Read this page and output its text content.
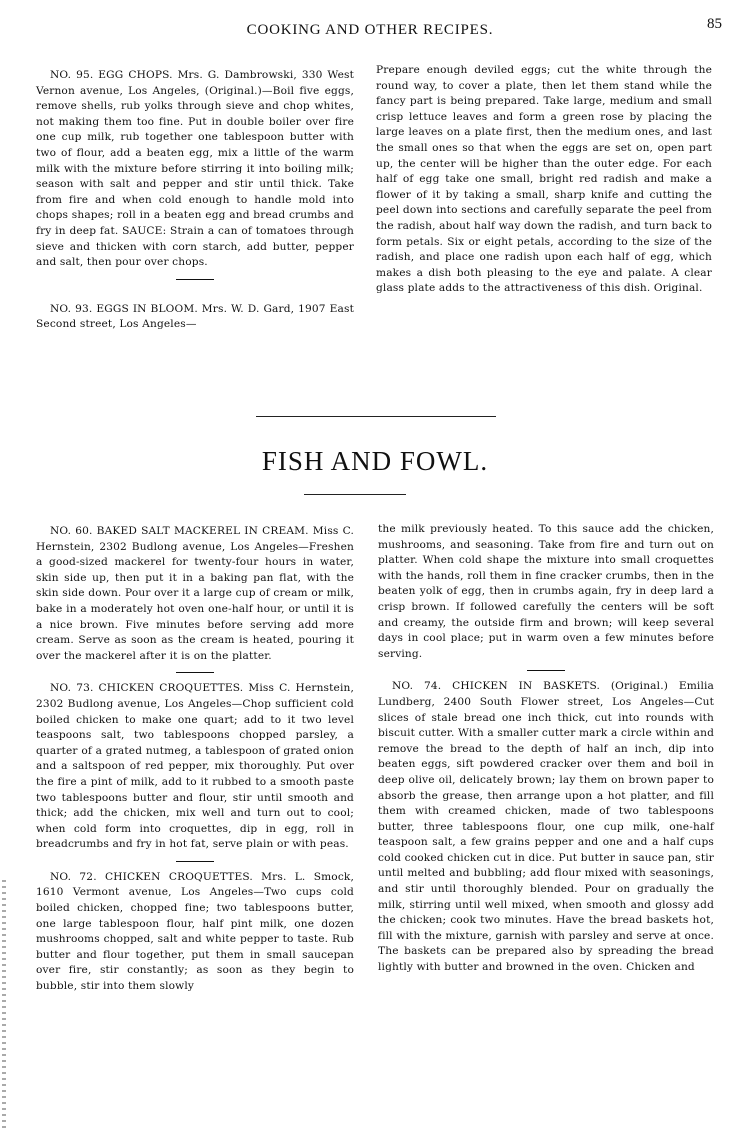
COOKING AND OTHER RECIPES.	85

NO. 95. EGG CHOPS. Mrs. G. Dambrowski, 330 West Vernon avenue, Los Angeles, (Original.)—Boil five eggs, remove shells, rub yolks through sieve and chop whites, not making them too fine. Put in double boiler over fire one cup milk, rub together one tablespoon butter with two of flour, add a beaten egg, mix a little of the warm milk with the mixture before stirring it into boiling milk; season with salt and pepper and stir until thick. Take from fire and when cold enough to handle mold into chops shapes; roll in a beaten egg and bread crumbs and fry in deep fat. SAUCE: Strain a can of tomatoes through sieve and thicken with corn starch, add butter, pepper and salt, then pour over chops.

NO. 93. EGGS IN BLOOM. Mrs. W. D. Gard, 1907 East Second street, Los Angeles—

Prepare enough deviled eggs; cut the white through the round way, to cover a plate, then let them stand while the fancy part is being prepared. Take large, medium and small crisp lettuce leaves and form a green rose by placing the large leaves on a plate first, then the medium ones, and last the small ones so that when the eggs are set on, open part up, the center will be higher than the outer edge. For each half of egg take one small, bright red radish and make a flower of it by taking a small, sharp knife and cutting the peel down into sections and carefully separate the peel from the radish, about half way down the radish, and turn back to form petals. Six or eight petals, according to the size of the radish, and place one radish upon each half of egg, which makes a dish both pleasing to the eye and palate. A clear glass plate adds to the attractiveness of this dish. Original.

FISH AND FOWL.

NO. 60. BAKED SALT MACKEREL IN CREAM. Miss C. Hernstein, 2302 Budlong avenue, Los Angeles—Freshen a good-sized mackerel for twenty-four hours in water, skin side up, then put it in a baking pan flat, with the skin side down. Pour over it a large cup of cream or milk, bake in a moderately hot oven one-half hour, or until it is a nice brown. Five minutes before serving add more cream. Serve as soon as the cream is heated, pouring it over the mackerel after it is on the platter.

NO. 73. CHICKEN CROQUETTES. Miss C. Hernstein, 2302 Budlong avenue, Los Angeles—Chop sufficient cold boiled chicken to make one quart; add to it two level teaspoons salt, two tablespoons chopped parsley, a quarter of a grated nutmeg, a tablespoon of grated onion and a saltspoon of red pepper, mix thoroughly. Put over the fire a pint of milk, add to it rubbed to a smooth paste two tablespoons butter and flour, stir until smooth and thick; add the chicken, mix well and turn out to cool; when cold form into croquettes, dip in egg, roll in breadcrumbs and fry in hot fat, serve plain or with peas.

NO. 72. CHICKEN CROQUETTES. Mrs. L. Smock, 1610 Vermont avenue, Los Angeles—Two cups cold boiled chicken, chopped fine; two tablespoons butter, one large tablespoon flour, half pint milk, one dozen mushrooms chopped, salt and white pepper to taste. Rub butter and flour together, put them in small saucepan over fire, stir constantly; as soon as they begin to bubble, stir into them slowly

the milk previously heated. To this sauce add the chicken, mushrooms, and seasoning. Take from fire and turn out on platter. When cold shape the mixture into small croquettes with the hands, roll them in fine cracker crumbs, then in the beaten yolk of egg, then in crumbs again, fry in deep lard a crisp brown. If followed carefully the centers will be soft and creamy, the outside firm and brown; will keep several days in cool place; put in warm oven a few minutes before serving.

NO. 74. CHICKEN IN BASKETS. (Original.) Emilia Lundberg, 2400 South Flower street, Los Angeles—Cut slices of stale bread one inch thick, cut into rounds with biscuit cutter. With a smaller cutter mark a circle within and remove the bread to the depth of half an inch, dip into beaten eggs, sift powdered cracker over them and boil in deep olive oil, delicately brown; lay them on brown paper to absorb the grease, then arrange upon a hot platter, and fill them with creamed chicken, made of two tablespoons butter, three tablespoons flour, one cup milk, one-half teaspoon salt, a few grains pepper and one and a half cups cold cooked chicken cut in dice. Put butter in sauce pan, stir until melted and bubbling; add flour mixed with seasonings, and stir until thoroughly blended. Pour on gradually the milk, stirring until well mixed, when smooth and glossy add the chicken; cook two minutes. Have the bread baskets hot, fill with the mixture, garnish with parsley and serve at once. The baskets can be prepared also by spreading the bread lightly with butter and browned in the oven. Chicken and
